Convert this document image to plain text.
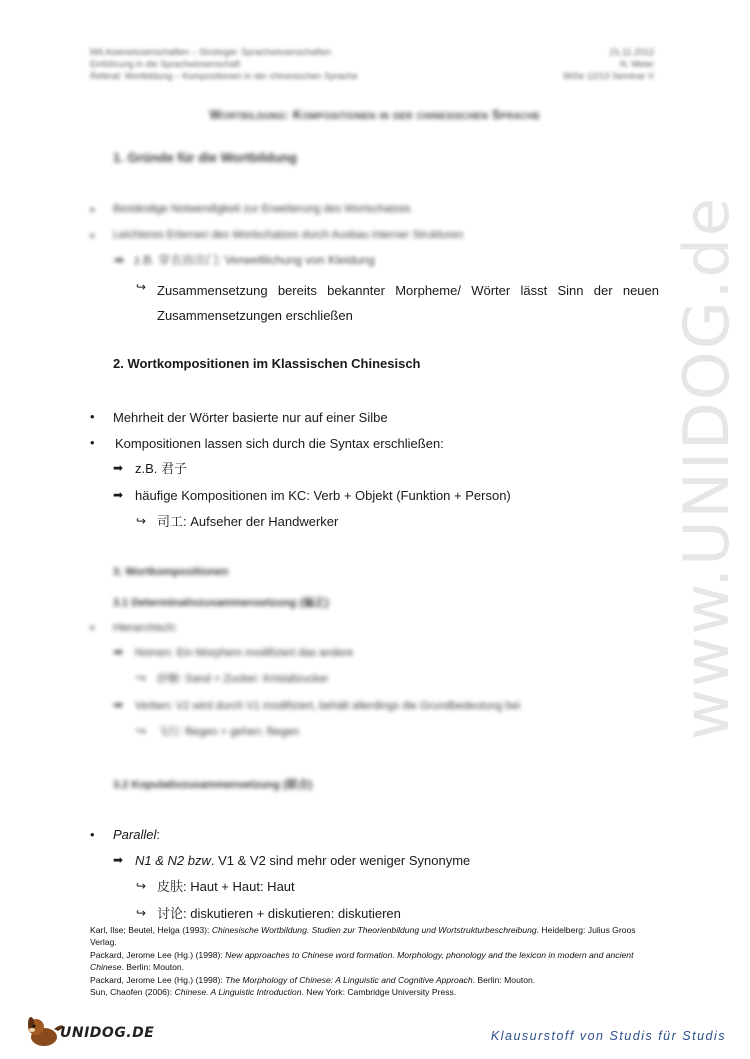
MA Asienwissenschaften – Sinologie: Sprachwissenschaften
Einführung in die Sprachwissenschaft
Referat: Wortbildung – Kompositionen in der chinesischen Sprache
21.11.2012
N. Meier
WiSe 12/13 Seminar V
Wortbildung: Kompositionen in der chinesischen Sprache
1. Gründe für die Wortbildung
• Beständige Notwendigkeit zur Erweiterung des Wortschatzes
• Leichteres Erlernen des Wortschatzes durch Ausbau interner Strukturen
➡ z.B. 穿衣而出门: Verweltlichung von Kleidung
↪ Zusammensetzung bereits bekannter Morpheme/ Wörter lässt Sinn der neuen Zusammensetzungen erschließen
2. Wortkompositionen im Klassischen Chinesisch
• Mehrheit der Wörter basierte nur auf einer Silbe
• Kompositionen lassen sich durch die Syntax erschließen:
➡ z.B. 君子
➡ häufige Kompositionen im KC: Verb + Objekt (Funktion + Person)
↪ 司工: Aufseher der Handwerker
3. Wortkompositionen
3.1 Determinativzusammensetzung (偏正)
• Hierarchisch:
➡ Nomen: Ein Morphem modifiziert das andere
↪ 砂糖: Sand + Zucker: Kristallzucker
➡ Verben: V2 wird durch V1 modifiziert, behält allerdings die Grundbedeutung bei
↪ 飞行: fliegen + gehen: fliegen
3.2 Kopulativzusammensetzung (联合)
• Parallel:
➡ N1 & N2 bzw. V1 & V2 sind mehr oder weniger Synonyme
↪ 皮肤: Haut + Haut: Haut
↪ 讨论: diskutieren + diskutieren: diskutieren
Karl, Ilse; Beutel, Helga (1993): Chinesische Wortbildung. Studien zur Theorienbildung und Wortstrukturbeschreibung. Heidelberg: Julius Groos Verlag.
Packard, Jerome Lee (Hg.) (1998): New approaches to Chinese word formation. Morphology, phonology and the lexicon in modern and ancient Chinese. Berlin: Mouton.
Packard, Jerome Lee (Hg.) (1998): The Morphology of Chinese: A Linguistic and Cognitive Approach. Berlin: Mouton.
Sun, Chaofen (2006): Chinese. A Linguistic Introduction. New York: Cambridge University Press.
www.UNIDOG.de
UNIDOG.DE	Klausurstoff von Studis für Studis
